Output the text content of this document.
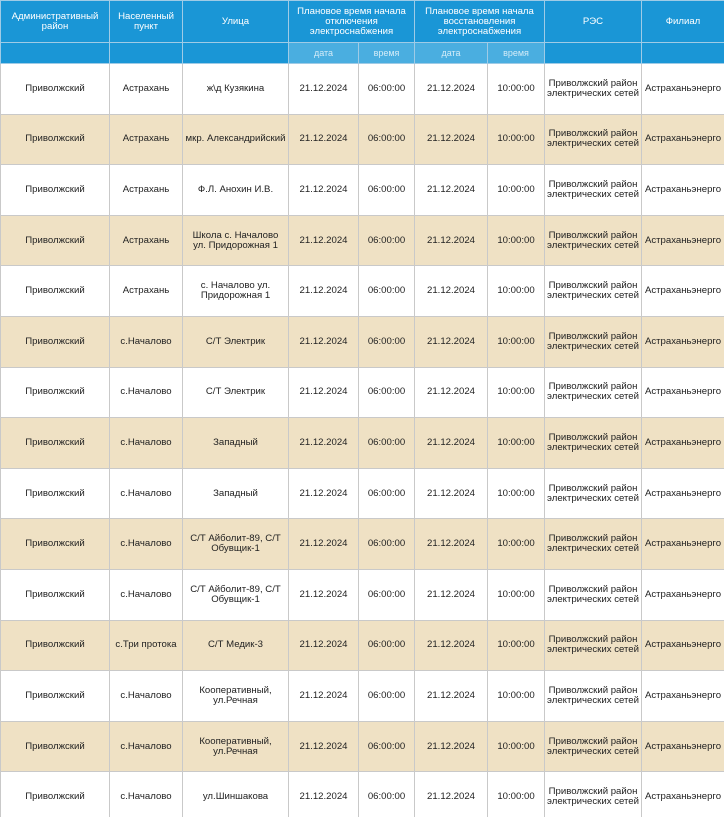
Административный район	Населенный пункт	Улица	Плановое время начала отключения электроснабжения		Плановое время начала восстановления электроснабжения		РЭС	Филиал
			дата	время	дата	время		
Приволжский	Астрахань	ж\д Кузякина	21.12.2024	06:00:00	21.12.2024	10:00:00	Приволжский район электрических сетей	Астраханьэнерго
Приволжский	Астрахань	мкр. Александрийский	21.12.2024	06:00:00	21.12.2024	10:00:00	Приволжский район электрических сетей	Астраханьэнерго
Приволжский	Астрахань	Ф.Л. Анохин И.В.	21.12.2024	06:00:00	21.12.2024	10:00:00	Приволжский район электрических сетей	Астраханьэнерго
Приволжский	Астрахань	Школа с. Началово ул. Придорожная 1	21.12.2024	06:00:00	21.12.2024	10:00:00	Приволжский район электрических сетей	Астраханьэнерго
Приволжский	Астрахань	с. Началово ул. Придорожная 1	21.12.2024	06:00:00	21.12.2024	10:00:00	Приволжский район электрических сетей	Астраханьэнерго
Приволжский	с.Началово	С/Т Электрик	21.12.2024	06:00:00	21.12.2024	10:00:00	Приволжский район электрических сетей	Астраханьэнерго
Приволжский	с.Началово	С/Т Электрик	21.12.2024	06:00:00	21.12.2024	10:00:00	Приволжский район электрических сетей	Астраханьэнерго
Приволжский	с.Началово	Западный	21.12.2024	06:00:00	21.12.2024	10:00:00	Приволжский район электрических сетей	Астраханьэнерго
Приволжский	с.Началово	Западный	21.12.2024	06:00:00	21.12.2024	10:00:00	Приволжский район электрических сетей	Астраханьэнерго
Приволжский	с.Началово	С/Т Айболит-89, С/Т Обувщик-1	21.12.2024	06:00:00	21.12.2024	10:00:00	Приволжский район электрических сетей	Астраханьэнерго
Приволжский	с.Началово	С/Т Айболит-89, С/Т Обувщик-1	21.12.2024	06:00:00	21.12.2024	10:00:00	Приволжский район электрических сетей	Астраханьэнерго
Приволжский	с.Три протока	С/Т Медик-3	21.12.2024	06:00:00	21.12.2024	10:00:00	Приволжский район электрических сетей	Астраханьэнерго
Приволжский	с.Началово	Кооперативный, ул.Речная	21.12.2024	06:00:00	21.12.2024	10:00:00	Приволжский район электрических сетей	Астраханьэнерго
Приволжский	с.Началово	Кооперативный, ул.Речная	21.12.2024	06:00:00	21.12.2024	10:00:00	Приволжский район электрических сетей	Астраханьэнерго
Приволжский	с.Началово	ул.Шиншакова	21.12.2024	06:00:00	21.12.2024	10:00:00	Приволжский район электрических сетей	Астраханьэнерго
